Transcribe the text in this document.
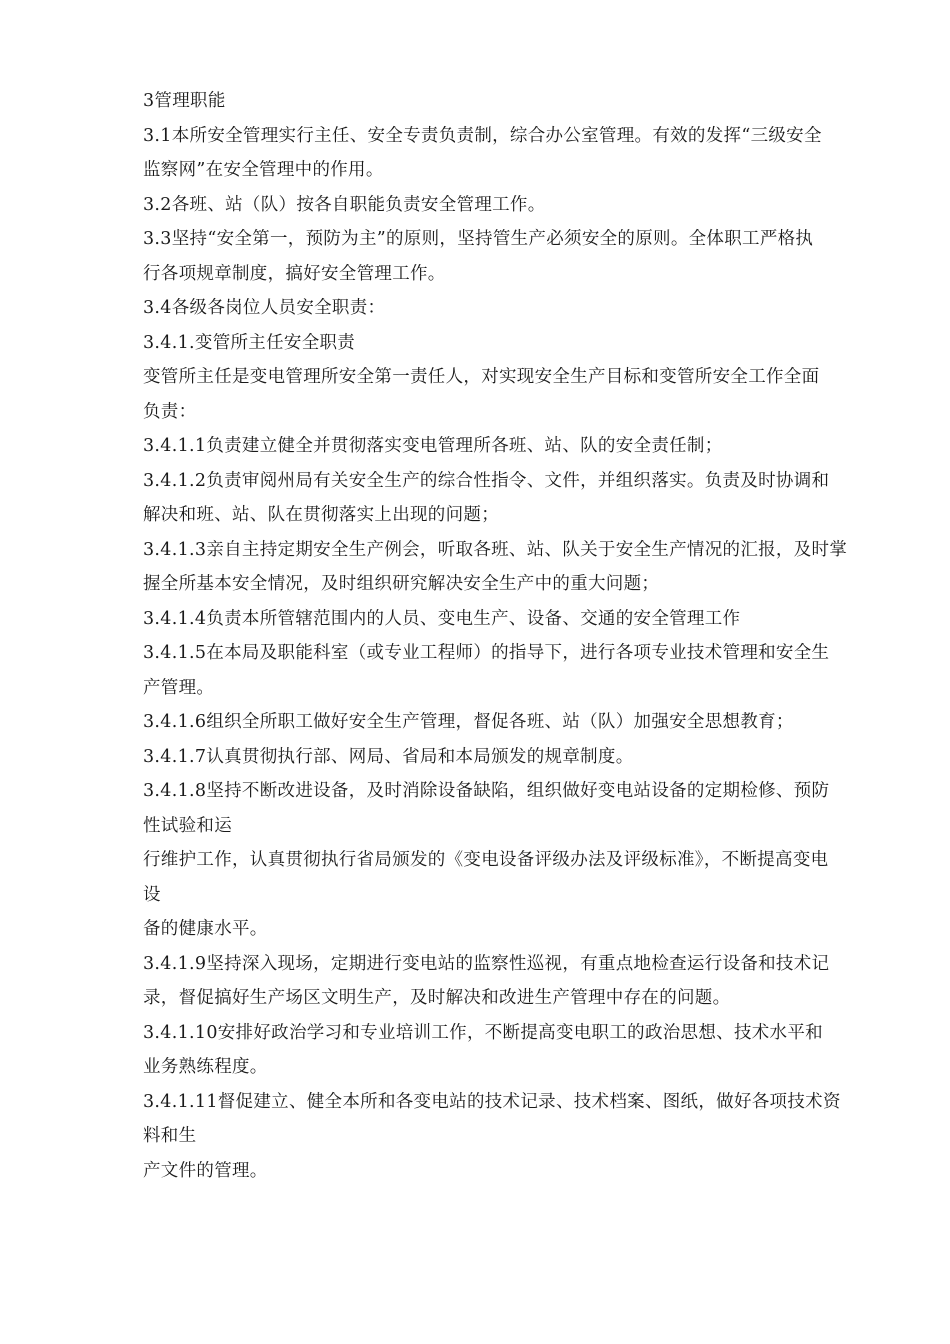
3管理职能
3.1本所安全管理实行主任、安全专责负责制，综合办公室管理。有效的发挥“三级安全
监察网”在安全管理中的作用。
3.2各班、站（队）按各自职能负责安全管理工作。
3.3坚持“安全第一，预防为主”的原则，坚持管生产必须安全的原则。全体职工严格执
行各项规章制度，搞好安全管理工作。
3.4各级各岗位人员安全职责：
3.4.1.变管所主任安全职责
变管所主任是变电管理所安全第一责任人，对实现安全生产目标和变管所安全工作全面
负责：
3.4.1.1负责建立健全并贯彻落实变电管理所各班、站、队的安全责任制；
3.4.1.2负责审阅州局有关安全生产的综合性指令、文件，并组织落实。负责及时协调和
解决和班、站、队在贯彻落实上出现的问题；
3.4.1.3亲自主持定期安全生产例会，听取各班、站、队关于安全生产情况的汇报，及时掌
握全所基本安全情况，及时组织研究解决安全生产中的重大问题；
3.4.1.4负责本所管辖范围内的人员、变电生产、设备、交通的安全管理工作
3.4.1.5在本局及职能科室（或专业工程师）的指导下，进行各项专业技术管理和安全生
产管理。
3.4.1.6组织全所职工做好安全生产管理，督促各班、站（队）加强安全思想教育；
3.4.1.7认真贯彻执行部、网局、省局和本局颁发的规章制度。
3.4.1.8坚持不断改进设备，及时消除设备缺陷，组织做好变电站设备的定期检修、预防
性试验和运
行维护工作，认真贯彻执行省局颁发的《变电设备评级办法及评级标准》，不断提高变电
设
备的健康水平。
3.4.1.9坚持深入现场，定期进行变电站的监察性巡视，有重点地检查运行设备和技术记
录，督促搞好生产场区文明生产，及时解决和改进生产管理中存在的问题。
3.4.1.10安排好政治学习和专业培训工作，不断提高变电职工的政治思想、技术水平和
业务熟练程度。
3.4.1.11督促建立、健全本所和各变电站的技术记录、技术档案、图纸，做好各项技术资
料和生
产文件的管理。
